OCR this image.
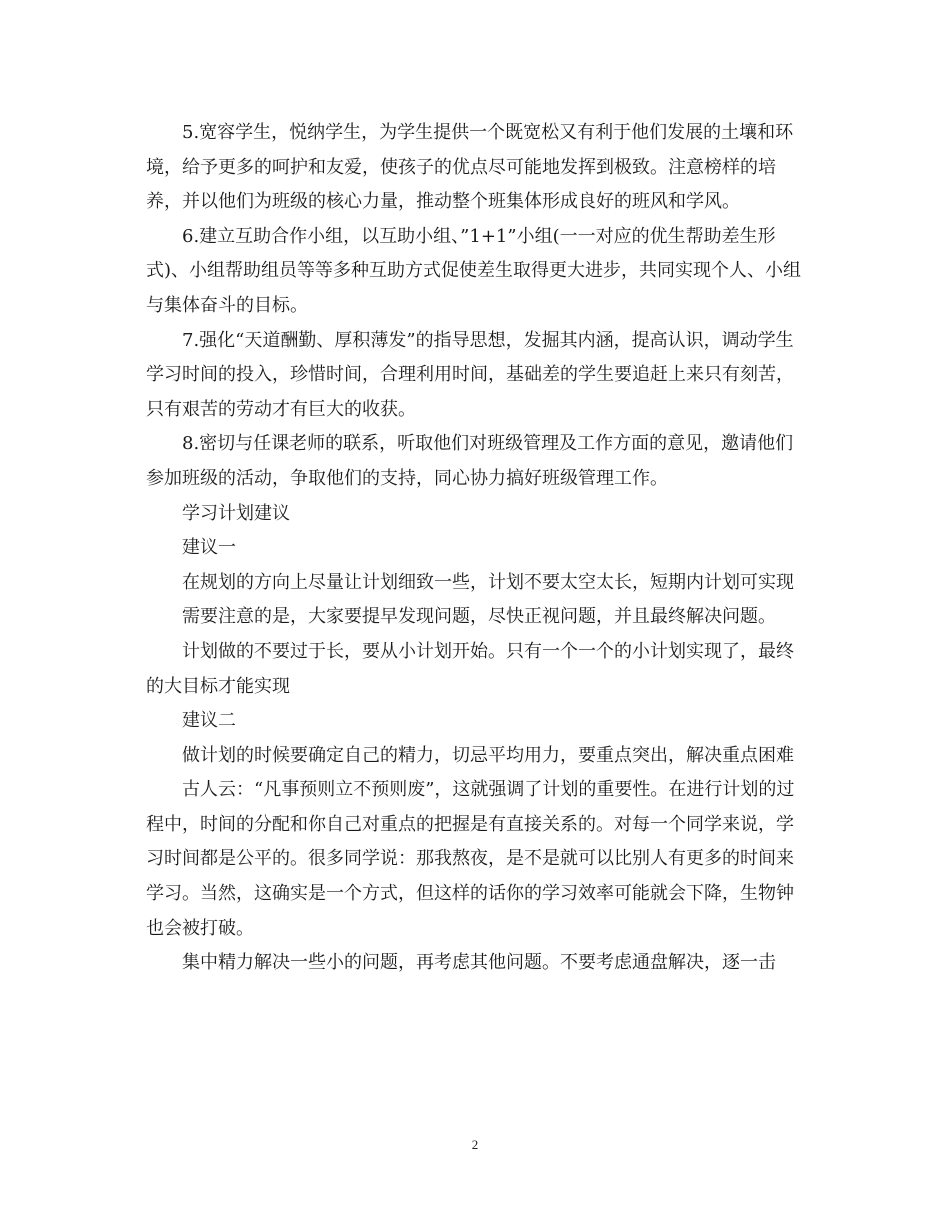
5.宽容学生，悦纳学生，为学生提供一个既宽松又有利于他们发展的土壤和环境，给予更多的呵护和友爱，使孩子的优点尽可能地发挥到极致。注意榜样的培养，并以他们为班级的核心力量，推动整个班集体形成良好的班风和学风。

6.建立互助合作小组，以互助小组、”1+1”小组(一一对应的优生帮助差生形式)、小组帮助组员等等多种互助方式促使差生取得更大进步，共同实现个人、小组与集体奋斗的目标。

7.强化“天道酬勤、厚积薄发”的指导思想，发掘其内涵，提高认识，调动学生学习时间的投入，珍惜时间，合理利用时间，基础差的学生要追赶上来只有刻苦，只有艰苦的劳动才有巨大的收获。

8.密切与任课老师的联系，听取他们对班级管理及工作方面的意见，邀请他们参加班级的活动，争取他们的支持，同心协力搞好班级管理工作。

学习计划建议

建议一

在规划的方向上尽量让计划细致一些，计划不要太空太长，短期内计划可实现

需要注意的是，大家要提早发现问题，尽快正视问题，并且最终解决问题。

计划做的不要过于长，要从小计划开始。只有一个一个的小计划实现了，最终的大目标才能实现

建议二

做计划的时候要确定自己的精力，切忌平均用力，要重点突出，解决重点困难

古人云：“凡事预则立不预则废”，这就强调了计划的重要性。在进行计划的过程中，时间的分配和你自己对重点的把握是有直接关系的。对每一个同学来说，学习时间都是公平的。很多同学说：那我熬夜，是不是就可以比别人有更多的时间来学习。当然，这确实是一个方式，但这样的话你的学习效率可能就会下降，生物钟也会被打破。

集中精力解决一些小的问题，再考虑其他问题。不要考虑通盘解决，逐一击

2
